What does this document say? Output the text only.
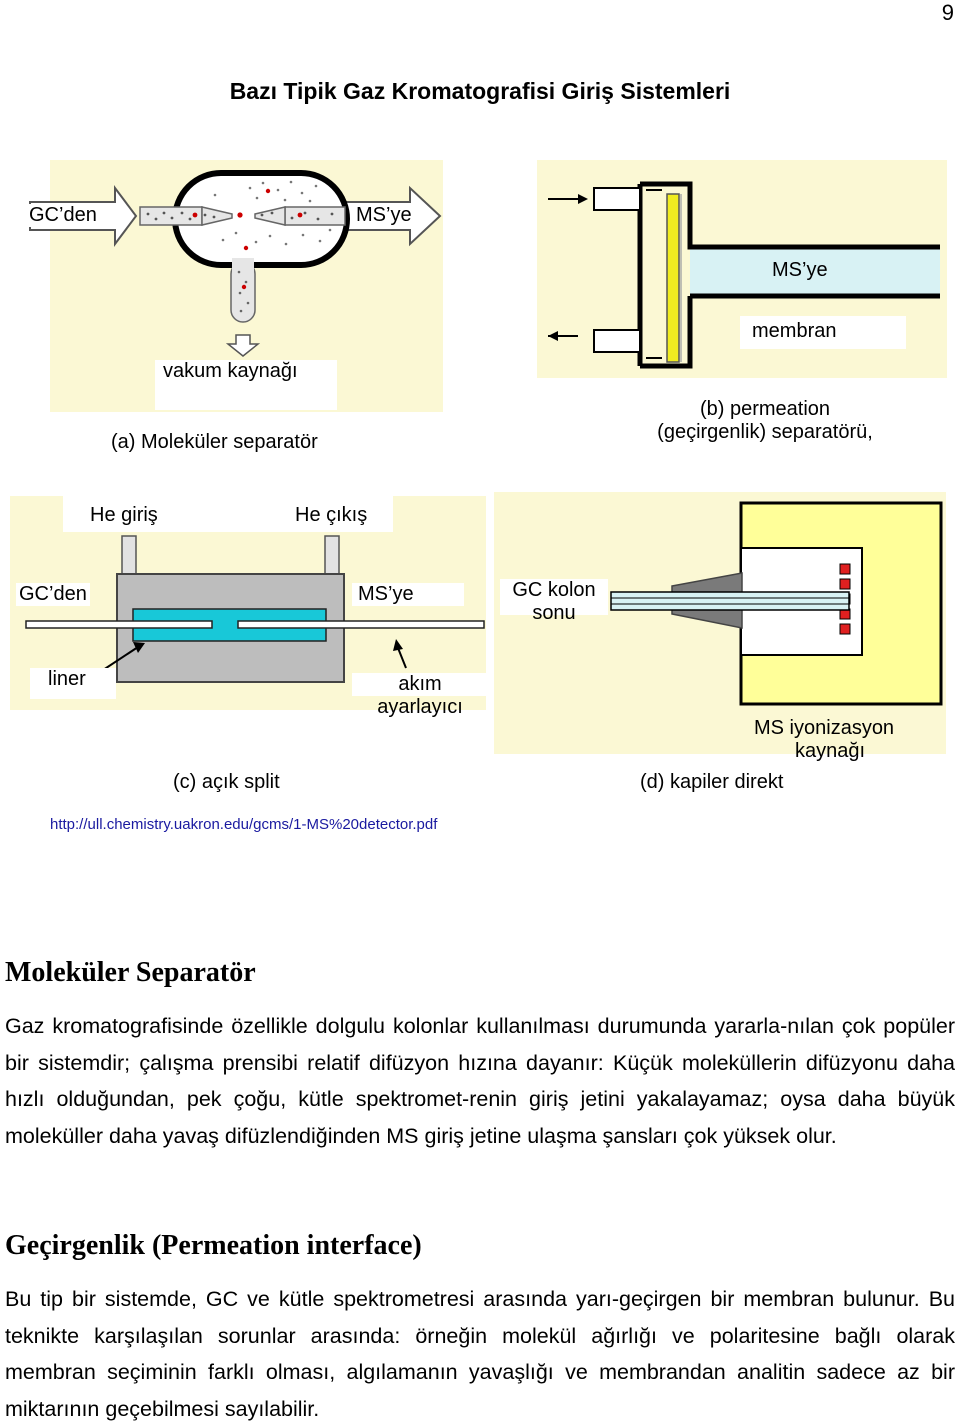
9
Bazı Tipik Gaz Kromatografisi Giriş Sistemleri
GC’den	MS’ye
vakum kaynağı
(a) Moleküler separatör
MS’ye
membran
(b) permeation
(geçirgenlik) separatörü,
He giriş	He çıkış
GC’den	MS’ye
liner	akım
ayarlayıcı
(c) açık split
GC kolon
sonu
MS iyonizasyon
kaynağı
(d) kapiler direkt
http://ull.chemistry.uakron.edu/gcms/1-MS%20detector.pdf
Moleküler Separatör
Gaz kromatografisinde özellikle dolgulu kolonlar kullanılması durumunda yararla-nılan çok popüler bir sistemdir; çalışma prensibi relatif difüzyon hızına dayanır: Küçük moleküllerin difüzyonu daha hızlı olduğundan, pek çoğu, kütle spektromet-renin giriş jetini yakalayamaz; oysa daha büyük moleküller daha yavaş difüzlendiğinden MS giriş jetine ulaşma şansları çok yüksek olur.
Geçirgenlik (Permeation interface)
Bu tip bir sistemde, GC ve kütle spektrometresi arasında yarı-geçirgen bir membran bulunur. Bu teknikte karşılaşılan sorunlar arasında: örneğin molekül ağırlığı ve polaritesine bağlı olarak membran seçiminin farklı olması, algılamanın yavaşlığı ve membrandan analitin sadece az bir miktarının geçebilmesi sayılabilir.
